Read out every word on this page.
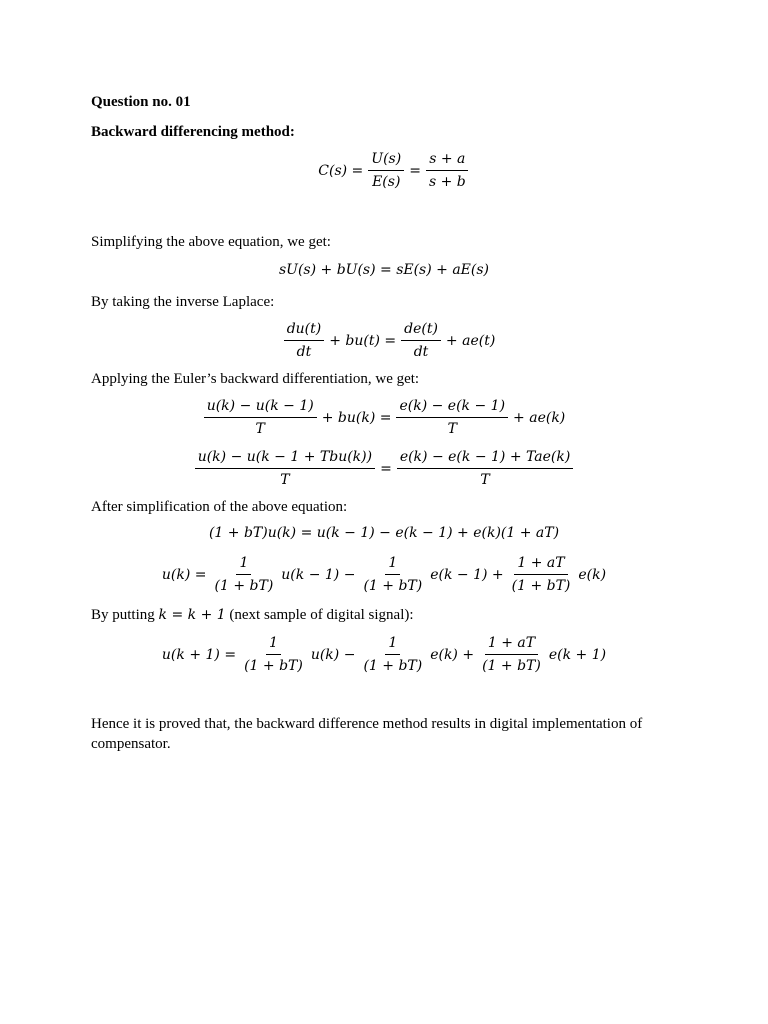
Question no. 01
Backward differencing method:
$C(s) = \frac{U(s)}{E(s)} = \frac{s + a}{s + b}$
Simplifying the above equation, we get:
sU(s) + bU(s) = sE(s) + aE(s)
By taking the inverse Laplace:
$\frac{du(t)}{dt} + bu(t) = \frac{de(t)}{dt} + ae(t)$
Applying the Euler’s backward differentiation, we get:
$\frac{u(k) - u(k - 1)}{T} + bu(k) = \frac{e(k) - e(k - 1)}{T} + ae(k)$
$\frac{\text{u(k) − u(k − 1 + Tbu(k))}}{T} = \frac{\text{e(k) − e(k − 1) + Tae(k)}}{T}$
After simplification of the above equation:
(1 + bT)u(k) = u(k − 1) − e(k − 1) + e(k)(1 + aT)
$u(k) = \frac{1}{(1 + bT)} u(k - 1) - \frac{1}{(1 + bT)} e(k - 1) + \frac{1 + aT}{(1 + bT)} e(k)$
By putting k = k + 1 (next sample of digital signal):
$u(k + 1) = \frac{1}{(1 + bT)} u(k) - \frac{1}{(1 + bT)} e(k) + \frac{1 + aT}{(1 + bT)} e(k + 1)$
Hence it is proved that, the backward difference method results in digital implementation of compensator.
